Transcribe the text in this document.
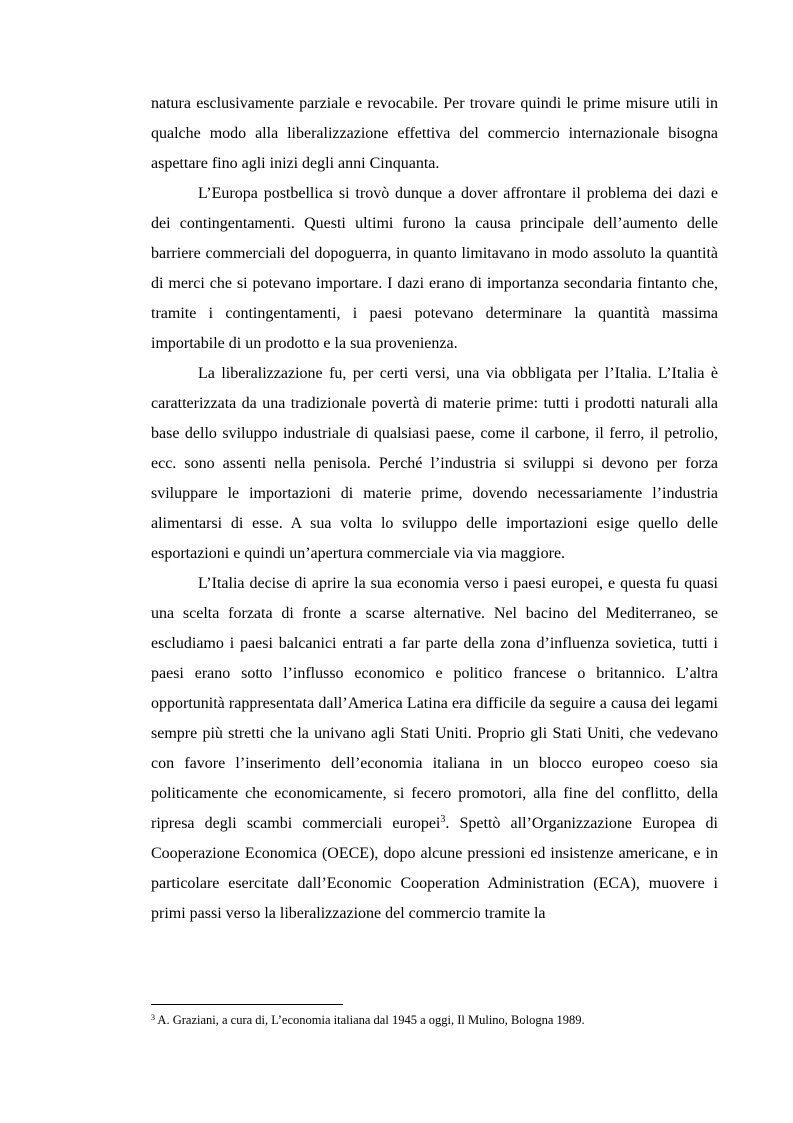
natura esclusivamente parziale e revocabile. Per trovare quindi le prime misure utili in qualche modo alla liberalizzazione effettiva del commercio internazionale bisogna aspettare fino agli inizi degli anni Cinquanta.

L’Europa postbellica si trovò dunque a dover affrontare il problema dei dazi e dei contingentamenti. Questi ultimi furono la causa principale dell’aumento delle barriere commerciali del dopoguerra, in quanto limitavano in modo assoluto la quantità di merci che si potevano importare. I dazi erano di importanza secondaria fintanto che, tramite i contingentamenti, i paesi potevano determinare la quantità massima importabile di un prodotto e la sua provenienza.

La liberalizzazione fu, per certi versi, una via obbligata per l’Italia. L’Italia è caratterizzata da una tradizionale povertà di materie prime: tutti i prodotti naturali alla base dello sviluppo industriale di qualsiasi paese, come il carbone, il ferro, il petrolio, ecc. sono assenti nella penisola. Perché l’industria si sviluppi si devono per forza sviluppare le importazioni di materie prime, dovendo necessariamente l’industria alimentarsi di esse. A sua volta lo sviluppo delle importazioni esige quello delle esportazioni e quindi un’apertura commerciale via via maggiore.

L’Italia decise di aprire la sua economia verso i paesi europei, e questa fu quasi una scelta forzata di fronte a scarse alternative. Nel bacino del Mediterraneo, se escludiamo i paesi balcanici entrati a far parte della zona d’influenza sovietica, tutti i paesi erano sotto l’influsso economico e politico francese o britannico. L’altra opportunità rappresentata dall’America Latina era difficile da seguire a causa dei legami sempre più stretti che la univano agli Stati Uniti. Proprio gli Stati Uniti, che vedevano con favore l’inserimento dell’economia italiana in un blocco europeo coeso sia politicamente che economicamente, si fecero promotori, alla fine del conflitto, della ripresa degli scambi commerciali europei$^3$. Spettò all’Organizzazione Europea di Cooperazione Economica (OECE), dopo alcune pressioni ed insistenze americane, e in particolare esercitate dall’Economic Cooperation Administration (ECA), muovere i primi passi verso la liberalizzazione del commercio tramite la

$^3$ A. Graziani, a cura di, L’economia italiana dal 1945 a oggi, Il Mulino, Bologna 1989.
